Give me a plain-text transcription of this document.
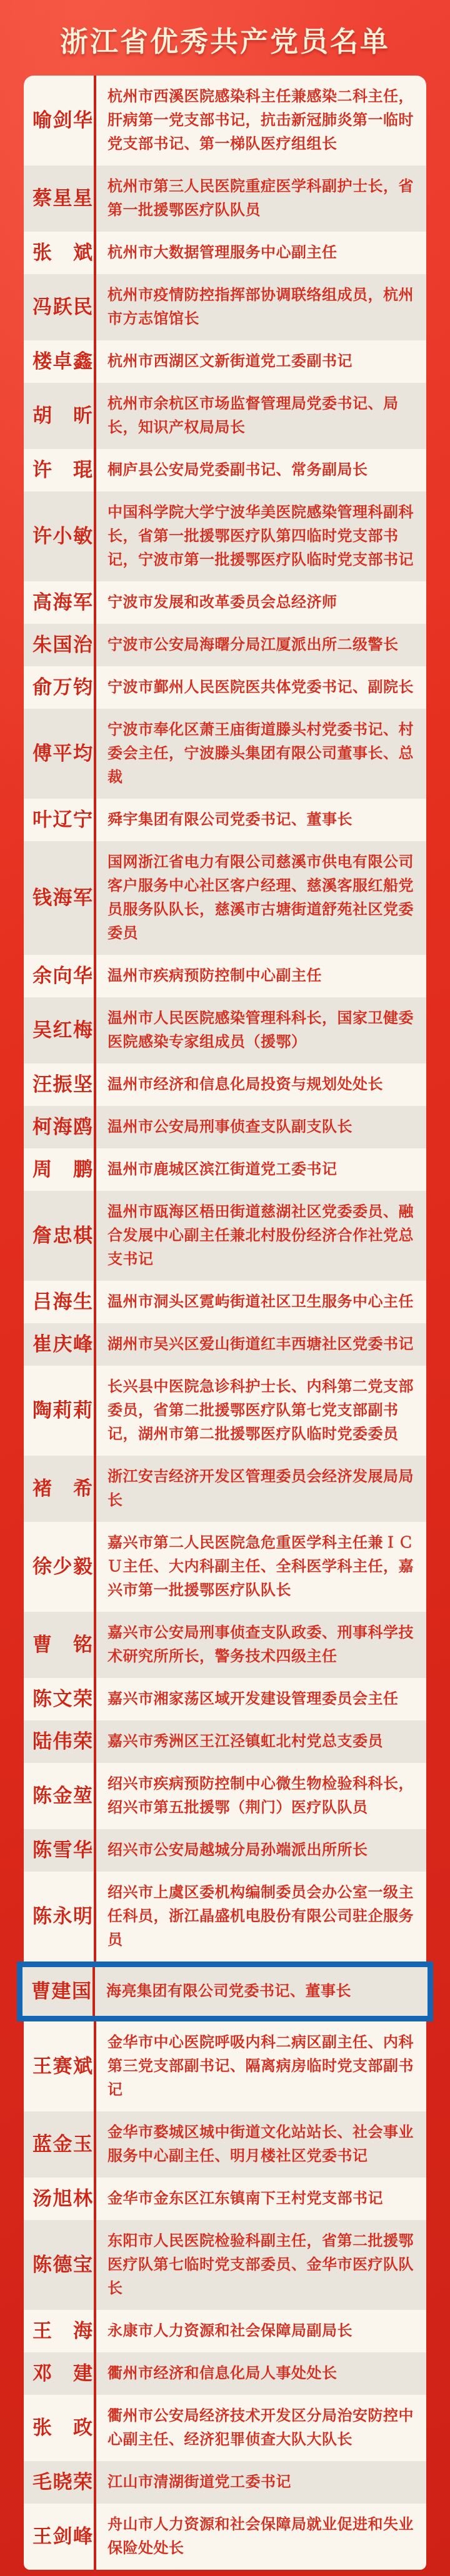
浙江省优秀共产党员名单
喻剑华
杭州市西溪医院感染科主任兼感染二科主任，肝病第一党支部书记，抗击新冠肺炎第一临时党支部书记、第一梯队医疗组组长
蔡星星
杭州市第三人民医院重症医学科副护士长，省第一批援鄂医疗队队员
张　斌 杭州市大数据管理服务中心副主任
冯跃民
杭州市疫情防控指挥部协调联络组成员，杭州市方志馆馆长
楼卓鑫 杭州市西湖区文新街道党工委副书记
胡　昕
杭州市余杭区市场监督管理局党委书记、局长，知识产权局局长
许　琨 桐庐县公安局党委副书记、常务副局长
许小敏
中国科学院大学宁波华美医院感染管理科副科长，省第一批援鄂医疗队第四临时党支部书记，宁波市第一批援鄂医疗队临时党支部书记
高海军 宁波市发展和改革委员会总经济师
朱国治 宁波市公安局海曙分局江厦派出所二级警长
俞万钧 宁波市鄞州人民医院医共体党委书记、副院长
傅平均
宁波市奉化区萧王庙街道滕头村党委书记、村委会主任，宁波滕头集团有限公司董事长、总裁
叶辽宁 舜宇集团有限公司党委书记、董事长
钱海军
国网浙江省电力有限公司慈溪市供电有限公司客户服务中心社区客户经理、慈溪客服红船党员服务队队长，慈溪市古塘街道舒苑社区党委委员
余向华 温州市疾病预防控制中心副主任
吴红梅
温州市人民医院感染管理科科长，国家卫健委医院感染专家组成员（援鄂）
汪振坚 温州市经济和信息化局投资与规划处处长
柯海鸥 温州市公安局刑事侦查支队副支队长
周　鹏 温州市鹿城区滨江街道党工委书记
詹忠棋
温州市瓯海区梧田街道慈湖社区党委委员、融合发展中心副主任兼北村股份经济合作社党总支书记
吕海生 温州市洞头区霓屿街道社区卫生服务中心主任
崔庆峰 湖州市吴兴区爱山街道红丰西塘社区党委书记
陶莉莉
长兴县中医院急诊科护士长、内科第二党支部委员，省第二批援鄂医疗队第七党支部副书记，湖州市第二批援鄂医疗队临时党委委员
褚　希
浙江安吉经济开发区管理委员会经济发展局局长
徐少毅
嘉兴市第二人民医院急危重医学科主任兼ＩＣＵ主任、大内科副主任、全科医学科主任，嘉兴市第一批援鄂医疗队队长
曹　铭
嘉兴市公安局刑事侦查支队政委、刑事科学技术研究所所长，警务技术四级主任
陈文荣 嘉兴市湘家荡区域开发建设管理委员会主任
陆伟荣 嘉兴市秀洲区王江泾镇虹北村党总支委员
陈金堃
绍兴市疾病预防控制中心微生物检验科科长，绍兴市第五批援鄂（荆门）医疗队队员
陈雪华 绍兴市公安局越城分局孙端派出所所长
陈永明
绍兴市上虞区委机构编制委员会办公室一级主任科员，浙江晶盛机电股份有限公司驻企服务员
曹建国 海亮集团有限公司党委书记、董事长
王赛斌
金华市中心医院呼吸内科二病区副主任、内科第三党支部副书记、隔离病房临时党支部副书记
蓝金玉
金华市婺城区城中街道文化站站长、社会事业服务中心副主任、明月楼社区党委书记
汤旭林 金华市金东区江东镇南下王村党支部书记
陈德宝
东阳市人民医院检验科副主任，省第二批援鄂医疗队第七临时党支部委员、金华市医疗队队长
王　海 永康市人力资源和社会保障局副局长
邓　建 衢州市经济和信息化局人事处处长
张　政
衢州市公安局经济技术开发区分局治安防控中心副主任、经济犯罪侦查大队大队长
毛晓荣 江山市清湖街道党工委书记
王剑峰
舟山市人力资源和社会保障局就业促进和失业保险处处长
